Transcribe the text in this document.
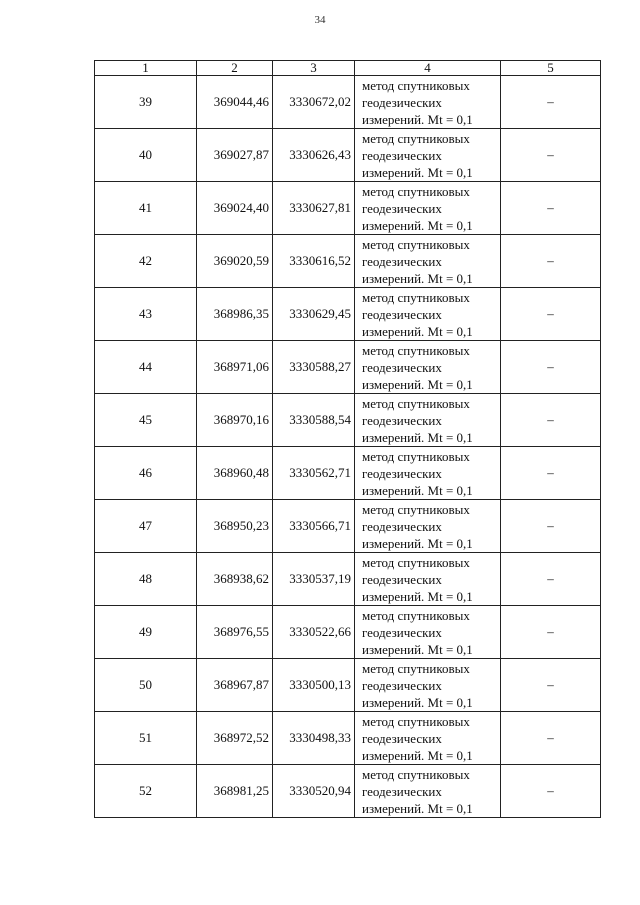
34
1	2	3	4	5
39	369044,46	3330672,02	метод спутниковых
геодезических
измерений. Mt = 0,1	–
40	369027,87	3330626,43	метод спутниковых
геодезических
измерений. Mt = 0,1	–
41	369024,40	3330627,81	метод спутниковых
геодезических
измерений. Mt = 0,1	–
42	369020,59	3330616,52	метод спутниковых
геодезических
измерений. Mt = 0,1	–
43	368986,35	3330629,45	метод спутниковых
геодезических
измерений. Mt = 0,1	–
44	368971,06	3330588,27	метод спутниковых
геодезических
измерений. Mt = 0,1	–
45	368970,16	3330588,54	метод спутниковых
геодезических
измерений. Mt = 0,1	–
46	368960,48	3330562,71	метод спутниковых
геодезических
измерений. Mt = 0,1	–
47	368950,23	3330566,71	метод спутниковых
геодезических
измерений. Mt = 0,1	–
48	368938,62	3330537,19	метод спутниковых
геодезических
измерений. Mt = 0,1	–
49	368976,55	3330522,66	метод спутниковых
геодезических
измерений. Mt = 0,1	–
50	368967,87	3330500,13	метод спутниковых
геодезических
измерений. Mt = 0,1	–
51	368972,52	3330498,33	метод спутниковых
геодезических
измерений. Mt = 0,1	–
52	368981,25	3330520,94	метод спутниковых
геодезических
измерений. Mt = 0,1	–
